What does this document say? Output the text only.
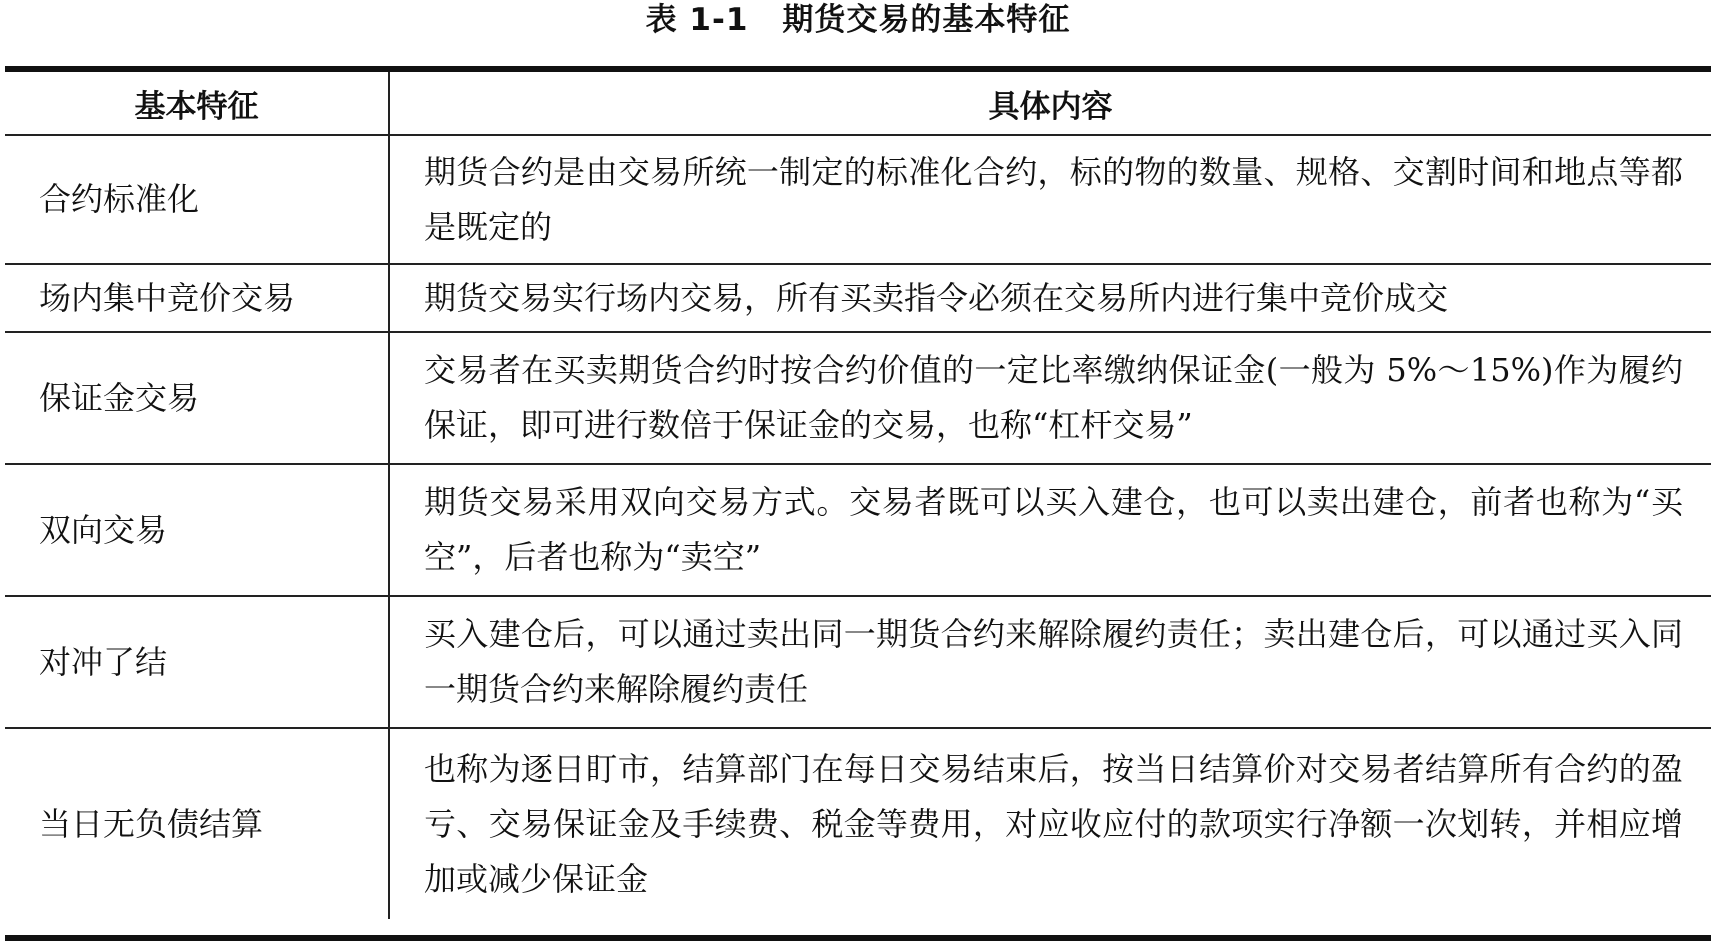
表 1-1 期货交易的基本特征
基本特征	具体内容
合约标准化	期货合约是由交易所统一制定的标准化合约，标的物的数量、规格、交割时间和地点等都是既定的
场内集中竞价交易	期货交易实行场内交易，所有买卖指令必须在交易所内进行集中竞价成交
保证金交易	交易者在买卖期货合约时按合约价值的一定比率缴纳保证金(一般为 5%～15%)作为履约保证，即可进行数倍于保证金的交易，也称“杠杆交易”
双向交易	期货交易采用双向交易方式。交易者既可以买入建仓，也可以卖出建仓，前者也称为“买空”，后者也称为“卖空”
对冲了结	买入建仓后，可以通过卖出同一期货合约来解除履约责任；卖出建仓后，可以通过买入同一期货合约来解除履约责任
当日无负债结算	也称为逐日盯市，结算部门在每日交易结束后，按当日结算价对交易者结算所有合约的盈亏、交易保证金及手续费、税金等费用，对应收应付的款项实行净额一次划转，并相应增加或减少保证金
